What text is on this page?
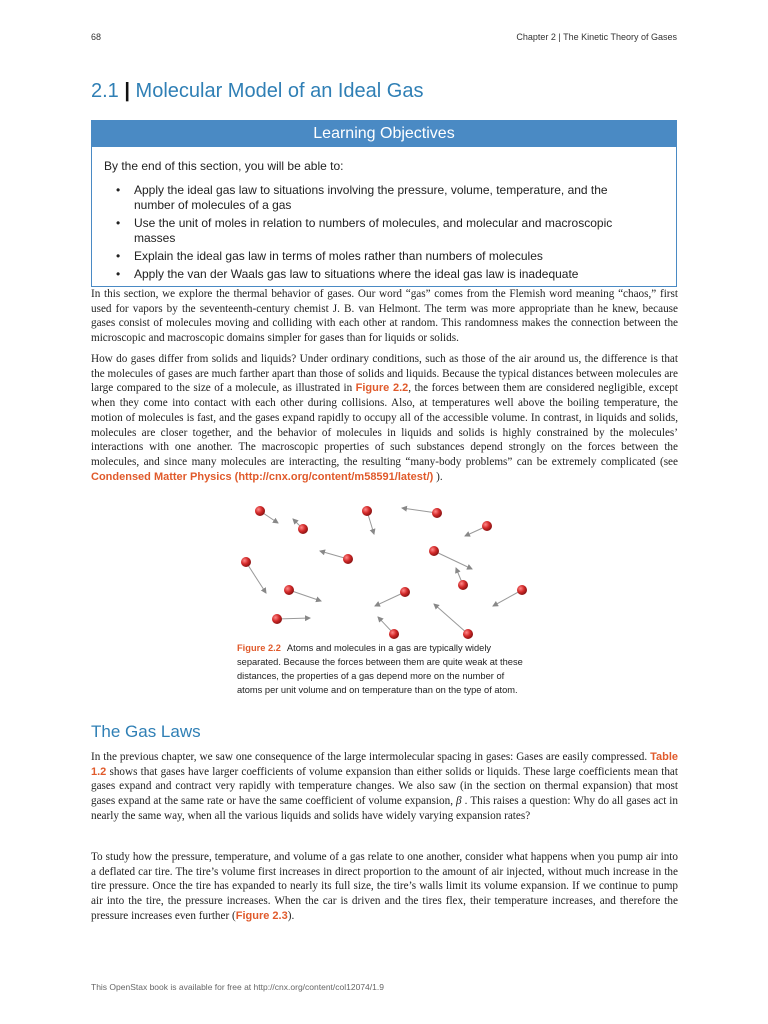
68	Chapter 2 | The Kinetic Theory of Gases
2.1 | Molecular Model of an Ideal Gas
Learning Objectives
By the end of this section, you will be able to:
• Apply the ideal gas law to situations involving the pressure, volume, temperature, and the number of molecules of a gas
• Use the unit of moles in relation to numbers of molecules, and molecular and macroscopic masses
• Explain the ideal gas law in terms of moles rather than numbers of molecules
• Apply the van der Waals gas law to situations where the ideal gas law is inadequate

In this section, we explore the thermal behavior of gases. Our word “gas” comes from the Flemish word meaning “chaos,” first used for vapors by the seventeenth-century chemist J. B. van Helmont. The term was more appropriate than he knew, because gases consist of molecules moving and colliding with each other at random. This randomness makes the connection between the microscopic and macroscopic domains simpler for gases than for liquids or solids.

How do gases differ from solids and liquids? Under ordinary conditions, such as those of the air around us, the difference is that the molecules of gases are much farther apart than those of solids and liquids. Because the typical distances between molecules are large compared to the size of a molecule, as illustrated in Figure 2.2, the forces between them are considered negligible, except when they come into contact with each other during collisions. Also, at temperatures well above the boiling temperature, the motion of molecules is fast, and the gases expand rapidly to occupy all of the accessible volume. In contrast, in liquids and solids, molecules are closer together, and the behavior of molecules in liquids and solids is highly constrained by the molecules’ interactions with one another. The macroscopic properties of such substances depend strongly on the forces between the molecules, and since many molecules are interacting, the resulting “many-body problems” can be extremely complicated (see Condensed Matter Physics (http://cnx.org/content/m58591/latest/) ).

Figure 2.2 Atoms and molecules in a gas are typically widely separated. Because the forces between them are quite weak at these distances, the properties of a gas depend more on the number of atoms per unit volume and on temperature than on the type of atom.
The Gas Laws

In the previous chapter, we saw one consequence of the large intermolecular spacing in gases: Gases are easily compressed. Table 1.2 shows that gases have larger coefficients of volume expansion than either solids or liquids. These large coefficients mean that gases expand and contract very rapidly with temperature changes. We also saw (in the section on thermal expansion) that most gases expand at the same rate or have the same coefficient of volume expansion, β . This raises a question: Why do all gases act in nearly the same way, when all the various liquids and solids have widely varying expansion rates?

To study how the pressure, temperature, and volume of a gas relate to one another, consider what happens when you pump air into a deflated car tire. The tire’s volume first increases in direct proportion to the amount of air injected, without much increase in the tire pressure. Once the tire has expanded to nearly its full size, the tire’s walls limit its volume expansion. If we continue to pump air into the tire, the pressure increases. When the car is driven and the tires flex, their temperature increases, and therefore the pressure increases even further (Figure 2.3).

This OpenStax book is available for free at http://cnx.org/content/col12074/1.9
